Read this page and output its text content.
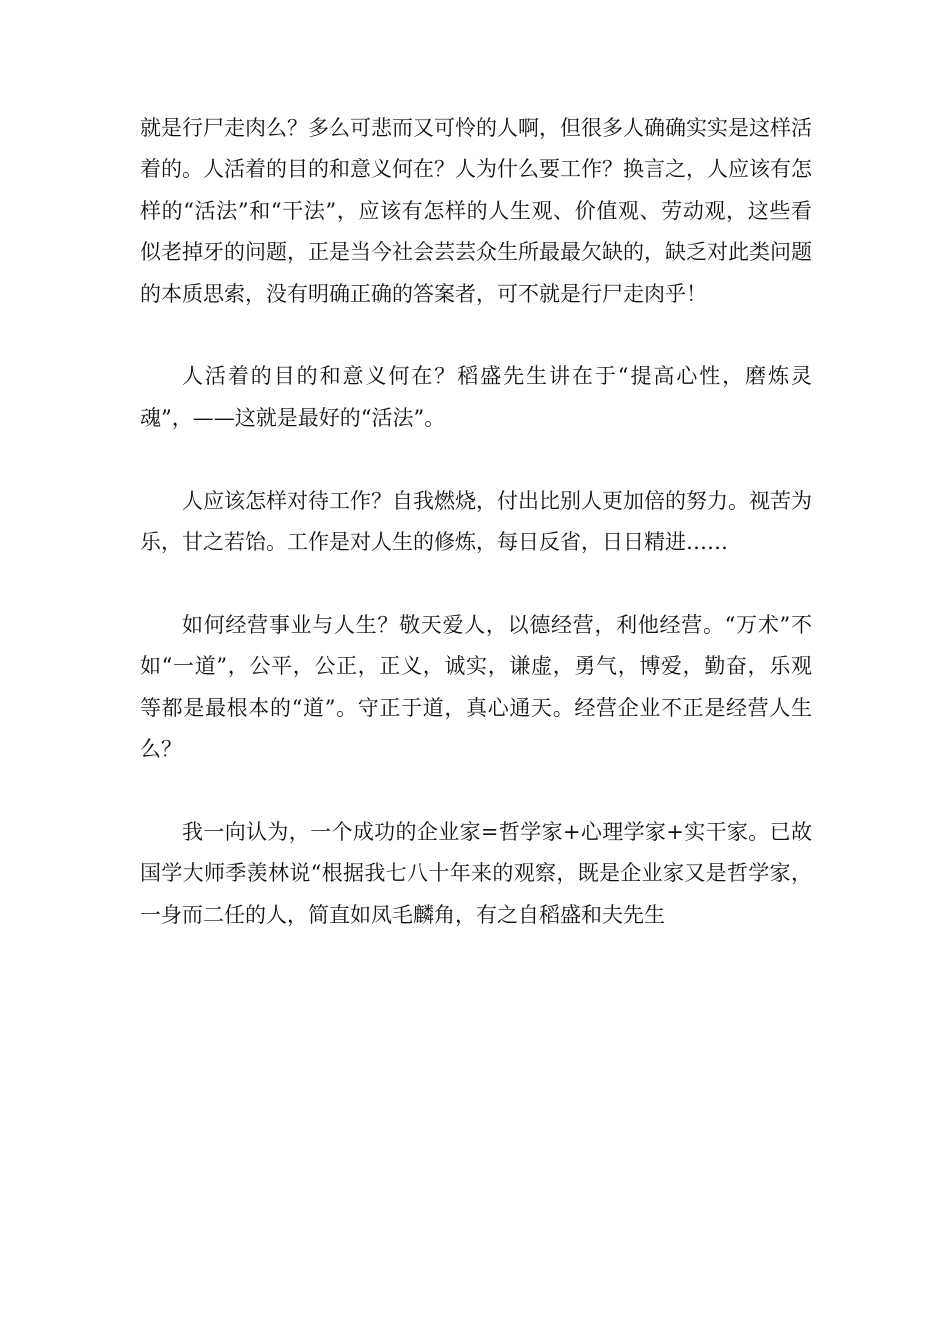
就是行尸走肉么？多么可悲而又可怜的人啊，但很多人确确实实是这样活着的。人活着的目的和意义何在？人为什么要工作？换言之，人应该有怎样的“活法”和“干法”，应该有怎样的人生观、价值观、劳动观，这些看似老掉牙的问题，正是当今社会芸芸众生所最最欠缺的，缺乏对此类问题的本质思索，没有明确正确的答案者，可不就是行尸走肉乎！

人活着的目的和意义何在？稻盛先生讲在于“提高心性，磨炼灵魂”，——这就是最好的“活法”。

人应该怎样对待工作？自我燃烧，付出比别人更加倍的努力。视苦为乐，甘之若饴。工作是对人生的修炼，每日反省，日日精进……

如何经营事业与人生？敬天爱人，以德经营，利他经营。“万术”不如“一道”，公平，公正，正义，诚实，谦虚，勇气，博爱，勤奋，乐观等都是最根本的“道”。守正于道，真心通天。经营企业不正是经营人生么？

我一向认为，一个成功的企业家=哲学家+心理学家+实干家。已故国学大师季羡林说“根据我七八十年来的观察，既是企业家又是哲学家，一身而二任的人，简直如凤毛麟角，有之自稻盛和夫先生
